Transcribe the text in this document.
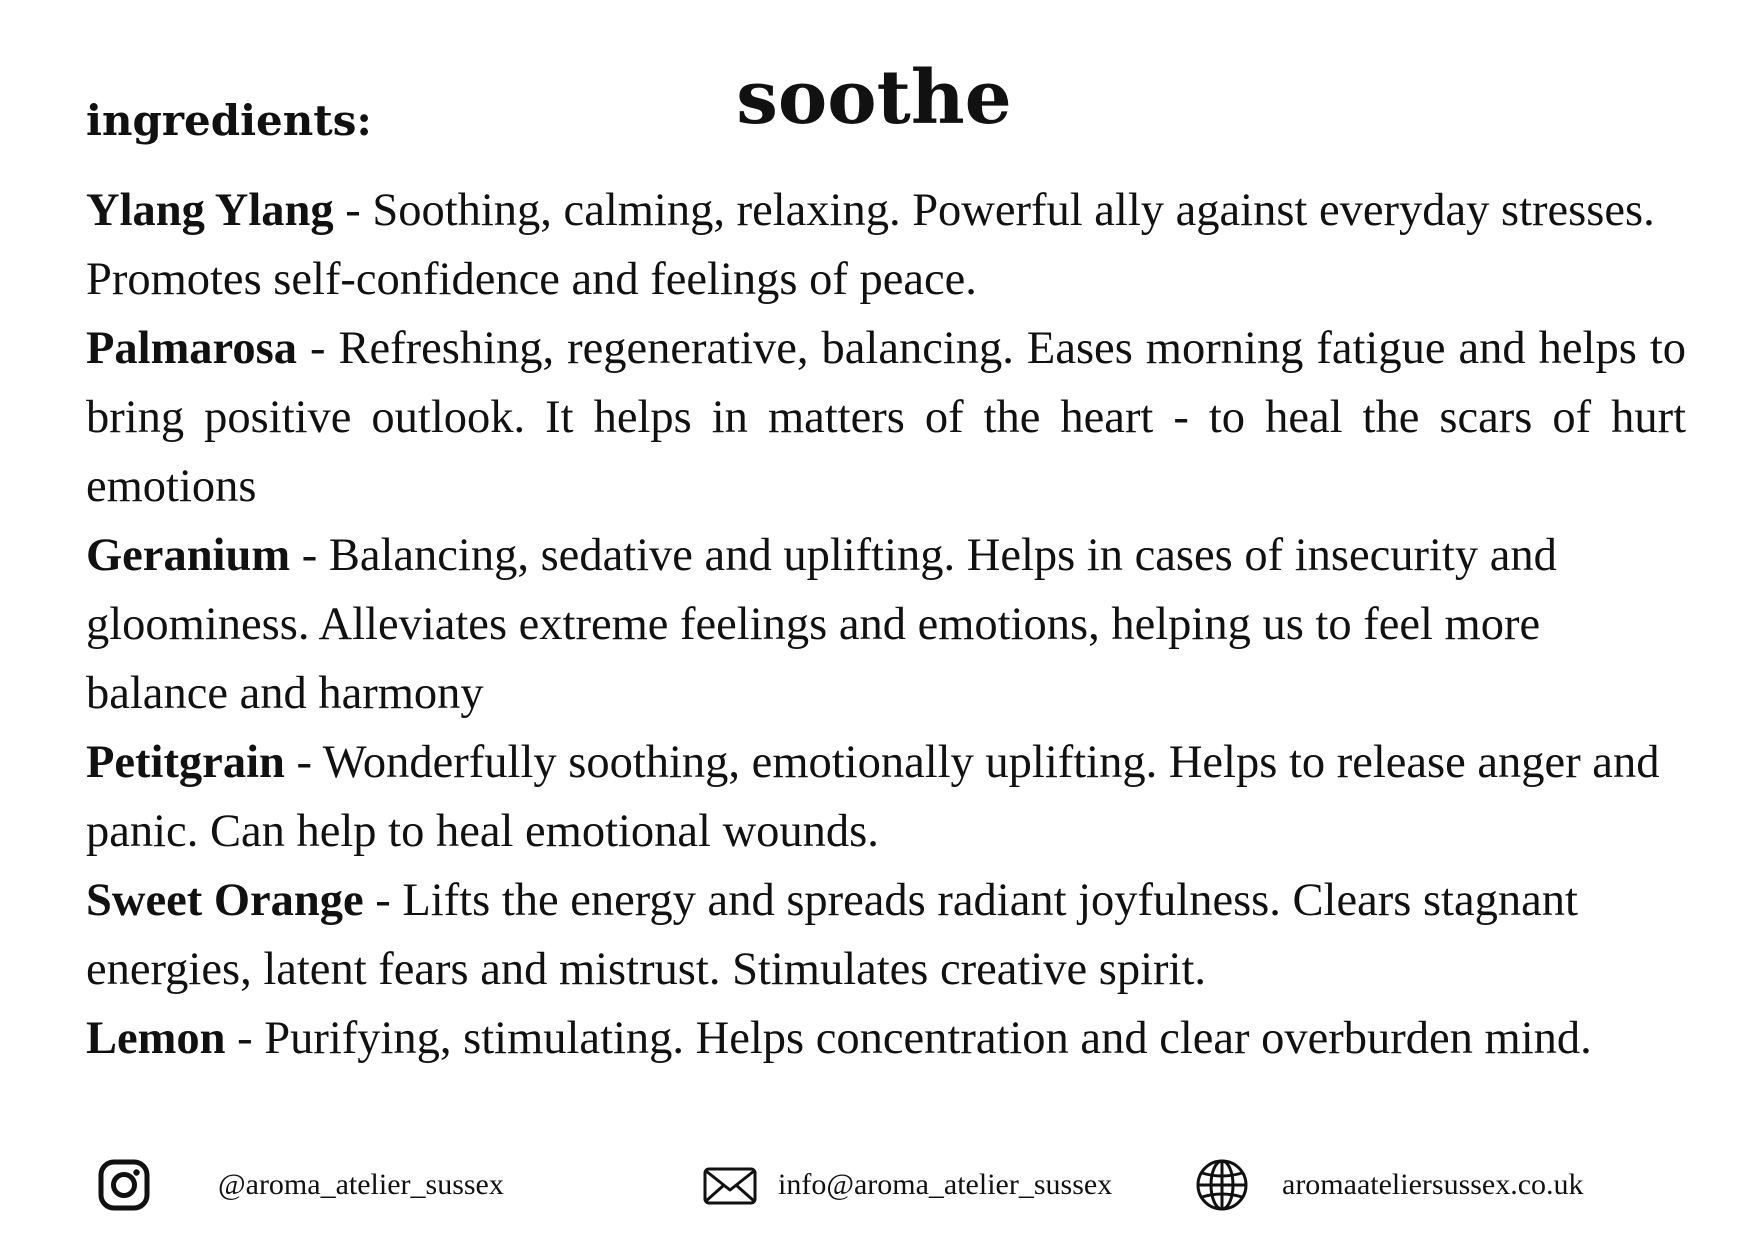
soothe
ingredients:

Ylang Ylang - Soothing, calming, relaxing. Powerful ally against everyday stresses. Promotes self-confidence and feelings of peace.

Palmarosa - Refreshing, regenerative, balancing. Eases morning fatigue and helps to bring positive outlook. It helps in matters of the heart - to heal the scars of hurt emotions

Geranium - Balancing, sedative and uplifting. Helps in cases of insecurity and gloominess. Alleviates extreme feelings and emotions, helping us to feel more balance and harmony

Petitgrain - Wonderfully soothing, emotionally uplifting. Helps to release anger and panic. Can help to heal emotional wounds.

Sweet Orange - Lifts the energy and spreads radiant joyfulness. Clears stagnant energies, latent fears and mistrust. Stimulates creative spirit.

Lemon - Purifying, stimulating. Helps concentration and clear overburden mind.

@aroma_atelier_sussex	info@aroma_atelier_sussex	aromaateliersussex.co.uk
